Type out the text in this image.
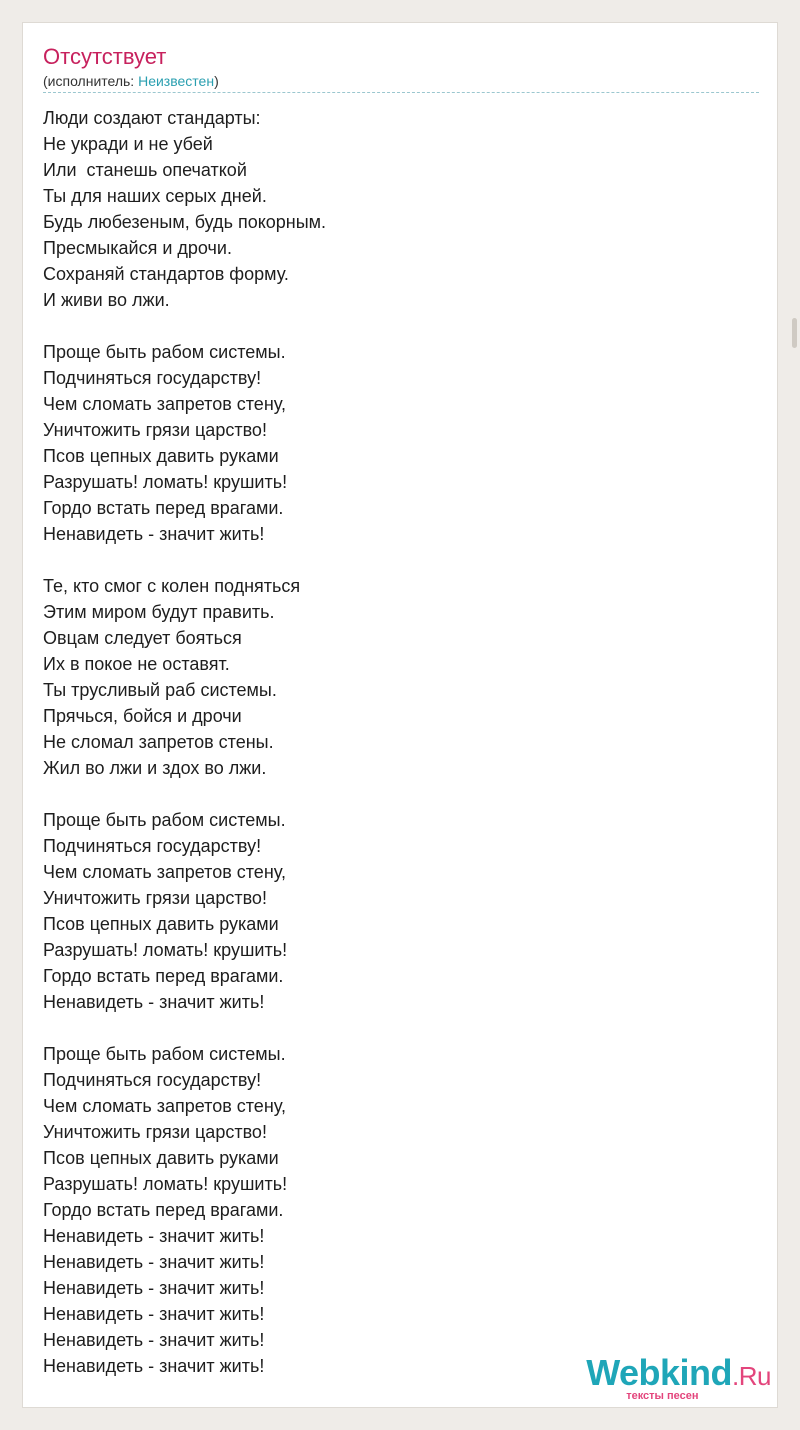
Отсутствует
(исполнитель: Неизвестен)
Люди создают стандарты:
Не укради и не убей
Или  станешь опечаткой
Ты для наших серых дней.
Будь любезеным, будь покорным.
Пресмыкайся и дрочи.
Сохраняй стандартов форму.
И живи во лжи.
Проще быть рабом системы.
Подчиняться государству!
Чем сломать запретов стену,
Уничтожить грязи царство!
Псов цепных давить руками
Разрушать! ломать! крушить!
Гордо встать перед врагами.
Ненавидеть - значит жить!
Те, кто смог с колен подняться
Этим миром будут править.
Овцам следует бояться
Их в покое не оставят.
Ты трусливый раб системы.
Прячься, бойся и дрочи
Не сломал запретов стены.
Жил во лжи и здох во лжи.
Проще быть рабом системы.
Подчиняться государству!
Чем сломать запретов стену,
Уничтожить грязи царство!
Псов цепных давить руками
Разрушать! ломать! крушить!
Гордо встать перед врагами.
Ненавидеть - значит жить!
Проще быть рабом системы.
Подчиняться государству!
Чем сломать запретов стену,
Уничтожить грязи царство!
Псов цепных давить руками
Разрушать! ломать! крушить!
Гордо встать перед врагами.
Ненавидеть - значит жить!
Ненавидеть - значит жить!
Ненавидеть - значит жить!
Ненавидеть - значит жить!
Ненавидеть - значит жить!
Ненавидеть - значит жить!	Webkind.Ru
тексты песен
